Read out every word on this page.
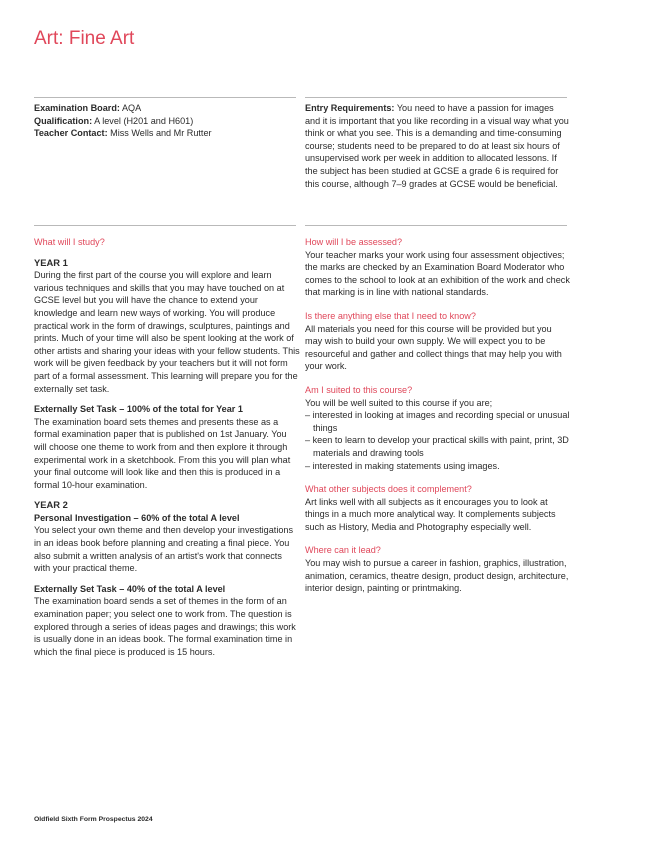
Art: Fine Art

Examination Board: AQA

Qualification: A level (H201 and H601)

Teacher Contact: Miss Wells and Mr Rutter

Entry Requirements: You need to have a passion for images and it is important that you like recording in a visual way what you think or what you see. This is a demanding and time-consuming course; students need to be prepared to do at least six hours of unsupervised work per week in addition to allocated lessons. If the subject has been studied at GCSE a grade 6 is required for this course, although 7–9 grades at GCSE would be beneficial.

What will I study?

YEAR 1

During the first part of the course you will explore and learn various techniques and skills that you may have touched on at GCSE level but you will have the chance to extend your knowledge and learn new ways of working. You will produce practical work in the form of drawings, sculptures, paintings and prints. Much of your time will also be spent looking at the work of other artists and sharing your ideas with your fellow students. This work will be given feedback by your teachers but it will not form part of a formal assessment. This learning will prepare you for the externally set task.

Externally Set Task – 100% of the total for Year 1

The examination board sets themes and presents these as a formal examination paper that is published on 1st January. You will choose one theme to work from and then explore it through experimental work in a sketchbook. From this you will plan what your final outcome will look like and then this is produced in a formal 10-hour examination.

YEAR 2

Personal Investigation – 60% of the total A level

You select your own theme and then develop your investigations in an ideas book before planning and creating a final piece. You also submit a written analysis of an artist's work that connects with your practical theme.

Externally Set Task – 40% of the total A level

The examination board sends a set of themes in the form of an examination paper; you select one to work from. The question is explored through a series of ideas pages and drawings; this work is usually done in an ideas book. The formal examination time in which the final piece is produced is 15 hours.

How will I be assessed?

Your teacher marks your work using four assessment objectives; the marks are checked by an Examination Board Moderator who comes to the school to look at an exhibition of the work and check that marking is in line with national standards.

Is there anything else that I need to know?

All materials you need for this course will be provided but you may wish to build your own supply. We will expect you to be resourceful and gather and collect things that may help you with your work.

Am I suited to this course?

You will be well suited to this course if you are;

– interested in looking at images and recording special or unusual things
– keen to learn to develop your practical skills with paint, print, 3D materials and drawing tools
– interested in making statements using images.

What other subjects does it complement?

Art links well with all subjects as it encourages you to look at things in a much more analytical way. It complements subjects such as History, Media and Photography especially well.

Where can it lead?

You may wish to pursue a career in fashion, graphics, illustration, animation, ceramics, theatre design, product design, architecture, interior design, painting or printmaking.

Oldfield Sixth Form Prospectus 2024
